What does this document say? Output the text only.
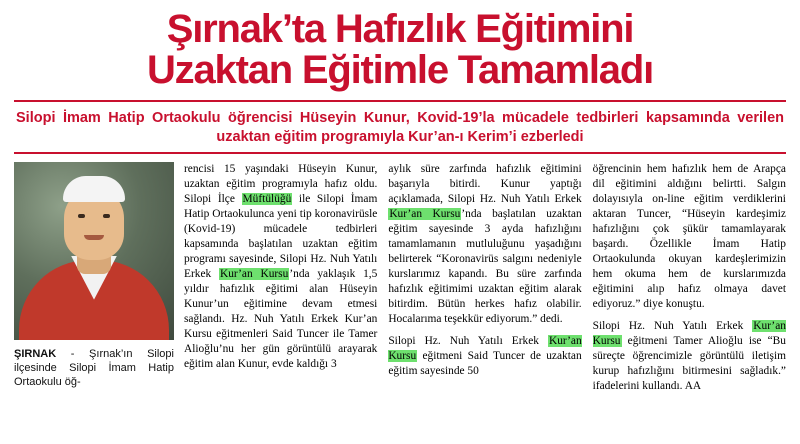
Şırnak’ta Hafızlık Eğitimini
Uzaktan Eğitimle Tamamladı
Silopi İmam Hatip Ortaokulu öğrencisi Hüseyin Kunur, Kovid-19’la mücadele tedbirleri kapsamında verilen uzaktan eğitim programıyla Kur’an-ı Kerim’i ezberledi
ŞIRNAK - Şırnak’ın Silopi ilçesinde Silopi İmam Hatip Ortaokulu öğ-

rencisi 15 yaşındaki Hüseyin Kunur, uzaktan eğitim programıyla hafız oldu. Silopi İlçe Müftülüğü ile Silopi İmam Hatip Ortaokulunca yeni tip koronavirüsle (Kovid-19) mücadele tedbirleri kapsamında başlatılan uzaktan eğitim programı sayesinde, Silopi Hz. Nuh Yatılı Erkek Kur’an Kursu’nda yaklaşık 1,5 yıldır hafızlık eğitimi alan Hüseyin Kunur’un eğitimine devam etmesi sağlandı. Hz. Nuh Yatılı Erkek Kur’an Kursu eğitmenleri Said Tuncer ile Tamer Alioğlu’nu her gün görüntülü arayarak eğitim alan Kunur, evde kaldığı 3

aylık süre zarfında hafızlık eğitimini başarıyla bitirdi. Kunur yaptığı açıklamada, Silopi Hz. Nuh Yatılı Erkek Kur’an Kursu’nda başlatılan uzaktan eğitim sayesinde 3 ayda hafızlığını tamamlamanın mutluluğunu yaşadığını belirterek “Koronavirüs salgını nedeniyle kurslarımız kapandı. Bu süre zarfında hafızlık eğitimimi uzaktan eğitim alarak bitirdim. Bütün herkes hafız olabilir. Hocalarıma teşekkür ediyorum.” dedi.

Silopi Hz. Nuh Yatılı Erkek Kur’an Kursu eğitmeni Said Tuncer de uzaktan eğitim sayesinde 50

öğrencinin hem hafızlık hem de Arapça dil eğitimini aldığını belirtti. Salgın dolayısıyla on-line eğitim verdiklerini aktaran Tuncer, “Hüseyin kardeşimiz hafızlığını çok şükür tamamlayarak başardı. Özellikle İmam Hatip Ortaokulunda okuyan kardeşlerimizin hem okuma hem de kurslarımızda eğitimini alıp hafız olmaya davet ediyoruz.” diye konuştu.

Silopi Hz. Nuh Yatılı Erkek Kur’an Kursu eğitmeni Tamer Alioğlu ise “Bu süreçte öğrencimizle görüntülü iletişim kurup hafızlığını bitirmesini sağladık.” ifadelerini kullandı. AA
